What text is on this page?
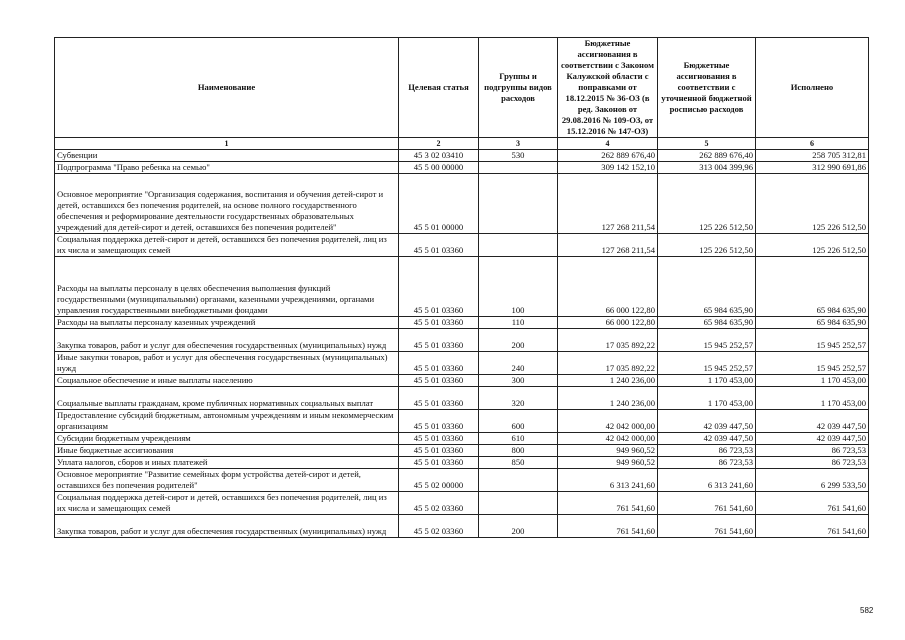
Наименование	Целевая статья	Группы и подгруппы видов расходов	Бюджетные ассигнования в соответствии с Законом Калужской области с поправками от 18.12.2015 № 36-ОЗ (в ред. Законов от 29.08.2016 № 109-ОЗ, от 15.12.2016 № 147-ОЗ)	Бюджетные ассигнования в соответствии с уточненной бюджетной росписью расходов	Исполнено
1	2	3	4	5	6
Субвенции	45 3 02 03410	530	262 889 676,40	262 889 676,40	258 705 312,81
Подпрограмма "Право ребенка на семью"	45 5 00 00000		309 142 152,10	313 004 399,96	312 990 691,86
Основное мероприятие "Организация содержания, воспитания и обучения детей-сирот и детей, оставшихся без попечения родителей, на основе полного государственного обеспечения и реформирование деятельности государственных образовательных учреждений для детей-сирот и детей, оставшихся без попечения родителей"	45 5 01 00000		127 268 211,54	125 226 512,50	125 226 512,50
Социальная поддержка детей-сирот и детей, оставшихся без попечения родителей, лиц из их числа и замещающих семей	45 5 01 03360		127 268 211,54	125 226 512,50	125 226 512,50
Расходы на выплаты персоналу в целях обеспечения выполнения функций государственными (муниципальными) органами, казенными учреждениями, органами управления государственными внебюджетными фондами	45 5 01 03360	100	66 000 122,80	65 984 635,90	65 984 635,90
Расходы на выплаты персоналу казенных учреждений	45 5 01 03360	110	66 000 122,80	65 984 635,90	65 984 635,90
Закупка товаров, работ и услуг для обеспечения государственных (муниципальных) нужд	45 5 01 03360	200	17 035 892,22	15 945 252,57	15 945 252,57
Иные закупки товаров, работ и услуг для обеспечения государственных (муниципальных) нужд	45 5 01 03360	240	17 035 892,22	15 945 252,57	15 945 252,57
Социальное обеспечение и иные выплаты населению	45 5 01 03360	300	1 240 236,00	1 170 453,00	1 170 453,00
Социальные выплаты гражданам, кроме публичных нормативных социальных выплат	45 5 01 03360	320	1 240 236,00	1 170 453,00	1 170 453,00
Предоставление субсидий бюджетным, автономным учреждениям и иным некоммерческим организациям	45 5 01 03360	600	42 042 000,00	42 039 447,50	42 039 447,50
Субсидии бюджетным учреждениям	45 5 01 03360	610	42 042 000,00	42 039 447,50	42 039 447,50
Иные бюджетные ассигнования	45 5 01 03360	800	949 960,52	86 723,53	86 723,53
Уплата налогов, сборов и иных платежей	45 5 01 03360	850	949 960,52	86 723,53	86 723,53
Основное мероприятие "Развитие семейных форм устройства детей-сирот и детей, оставшихся без попечения родителей"	45 5 02 00000		6 313 241,60	6 313 241,60	6 299 533,50
Социальная поддержка детей-сирот и детей, оставшихся без попечения родителей, лиц из их числа и замещающих семей	45 5 02 03360		761 541,60	761 541,60	761 541,60
Закупка товаров, работ и услуг для обеспечения государственных (муниципальных) нужд	45 5 02 03360	200	761 541,60	761 541,60	761 541,60
582
